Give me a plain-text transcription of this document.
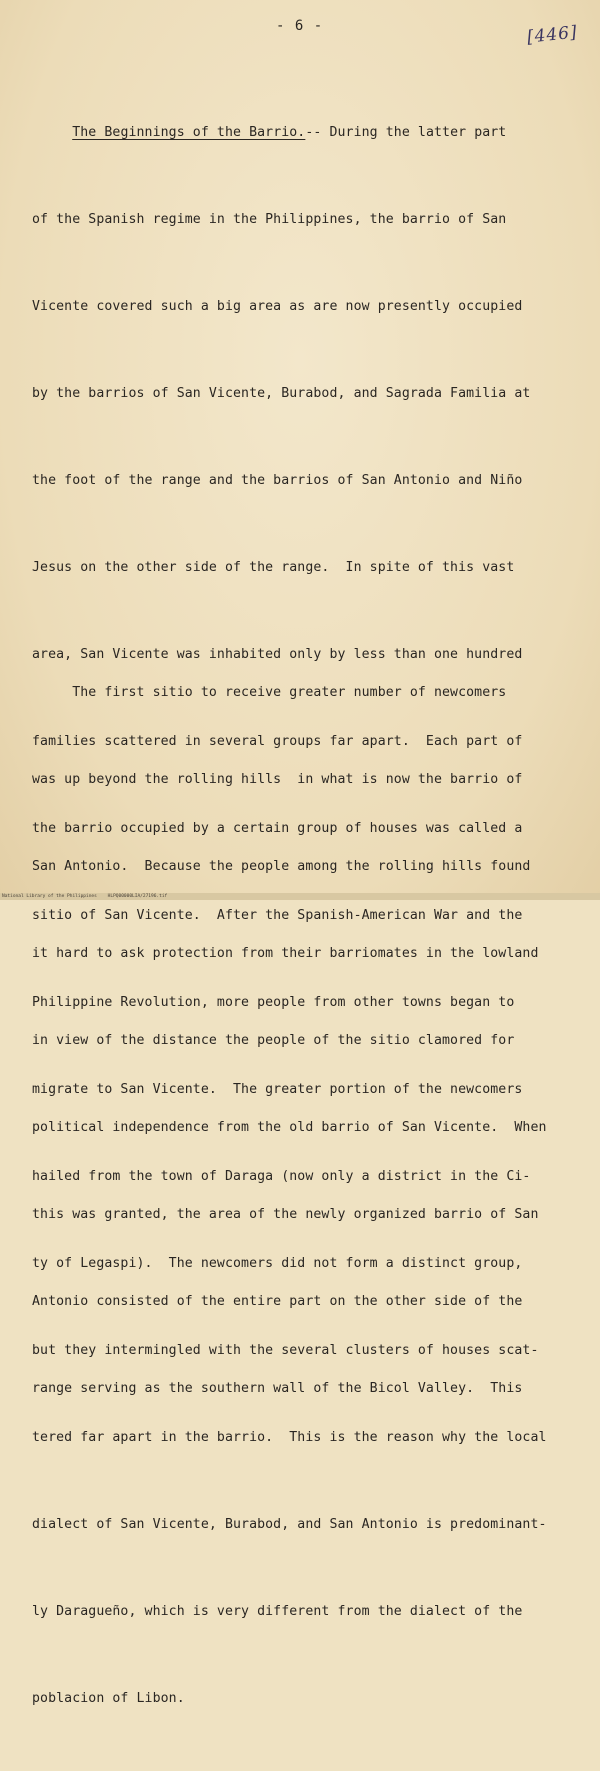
- 6 -	[446]

The Beginnings of the Barrio.-- During the latter part

of the Spanish regime in the Philippines, the barrio of San

Vicente covered such a big area as are now presently occupied

by the barrios of San Vicente, Burabod, and Sagrada Familia at

the foot of the range and the barrios of San Antonio and Niño

Jesus on the other side of the range.  In spite of this vast

area, San Vicente was inhabited only by less than one hundred

families scattered in several groups far apart.  Each part of

the barrio occupied by a certain group of houses was called a

sitio of San Vicente.  After the Spanish-American War and the

Philippine Revolution, more people from other towns began to

migrate to San Vicente.  The greater portion of the newcomers

hailed from the town of Daraga (now only a district in the Ci-

ty of Legaspi).  The newcomers did not form a distinct group,

but they intermingled with the several clusters of houses scat-

tered far apart in the barrio.  This is the reason why the local

dialect of San Vicente, Burabod, and San Antonio is predominant-

ly Daragueño, which is very different from the dialect of the

poblacion of Libon.

The first sitio to receive greater number of newcomers

was up beyond the rolling hills  in what is now the barrio of

San Antonio.  Because the people among the rolling hills found

it hard to ask protection from their barriomates in the lowland

in view of the distance the people of the sitio clamored for

political independence from the old barrio of San Vicente.  When

this was granted, the area of the newly organized barrio of San

Antonio consisted of the entire part on the other side of the

range serving as the southern wall of the Bicol Valley.  This

National Library of the Philippines    HLPQ00000LIA/27196.tif
